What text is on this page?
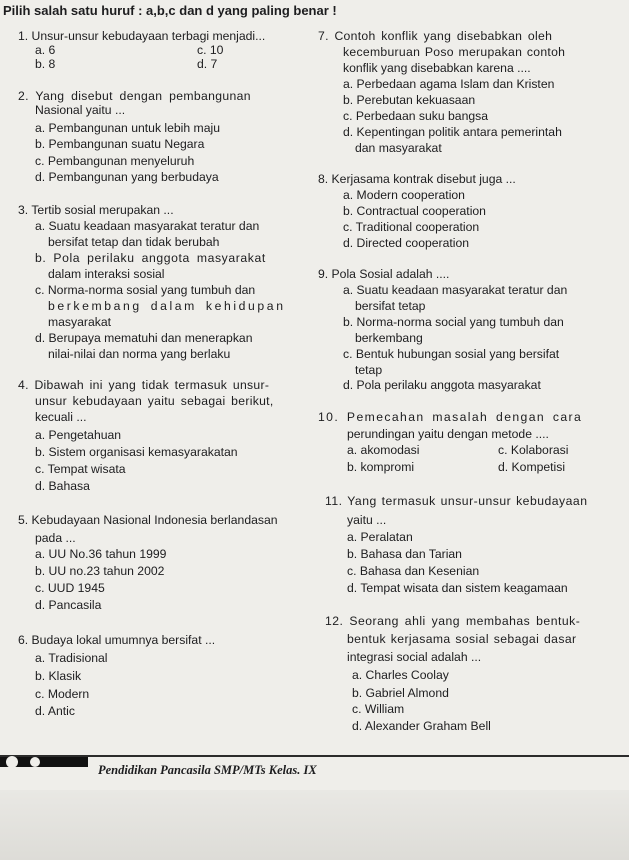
Pilih salah satu huruf : a,b,c dan d yang paling benar !
1. Unsur-unsur kebudayaan terbagi menjadi...
a. 6	c. 10
b. 8	d. 7
2. Yang disebut dengan pembangunan
Nasional yaitu ...
a. Pembangunan untuk lebih maju
b. Pembangunan suatu Negara
c. Pembangunan menyeluruh
d. Pembangunan yang berbudaya
3. Tertib sosial merupakan ...
a. Suatu keadaan masyarakat teratur dan
bersifat tetap dan tidak berubah
b. Pola perilaku anggota masyarakat
dalam interaksi sosial
c. Norma-norma sosial yang tumbuh dan
berkembang dalam kehidupan
masyarakat
d. Berupaya mematuhi dan menerapkan
nilai-nilai dan norma yang berlaku
4. Dibawah ini yang tidak termasuk unsur-
unsur kebudayaan yaitu sebagai berikut,
kecuali ...
a. Pengetahuan
b. Sistem organisasi kemasyarakatan
c. Tempat wisata
d. Bahasa
5. Kebudayaan Nasional Indonesia berlandasan
pada ...
a. UU No.36 tahun 1999
b. UU no.23 tahun 2002
c. UUD 1945
d. Pancasila
6. Budaya lokal umumnya bersifat ...
a. Tradisional
b. Klasik
c. Modern
d. Antic
7. Contoh konflik yang disebabkan oleh
kecemburuan Poso merupakan contoh
konflik yang disebabkan karena ....
a. Perbedaan agama Islam dan Kristen
b. Perebutan kekuasaan
c. Perbedaan suku bangsa
d. Kepentingan politik antara pemerintah
dan masyarakat
8. Kerjasama kontrak disebut juga ...
a. Modern cooperation
b. Contractual cooperation
c. Traditional cooperation
d. Directed cooperation
9. Pola Sosial adalah ....
a. Suatu keadaan masyarakat teratur dan
bersifat tetap
b. Norma-norma social yang tumbuh dan
berkembang
c. Bentuk hubungan sosial yang bersifat
tetap
d. Pola perilaku anggota masyarakat
10. Pemecahan masalah dengan cara
perundingan yaitu dengan metode ....
a. akomodasi	c. Kolaborasi
b. kompromi	d. Kompetisi
11. Yang termasuk unsur-unsur kebudayaan
yaitu ...
a. Peralatan
b. Bahasa dan Tarian
c. Bahasa dan Kesenian
d. Tempat wisata dan sistem keagamaan
12. Seorang ahli yang membahas bentuk-
bentuk kerjasama sosial sebagai dasar
integrasi social adalah ...
a. Charles Coolay
b. Gabriel Almond
c. William
d. Alexander Graham Bell
Pendidikan Pancasila SMP/MTs Kelas. IX
